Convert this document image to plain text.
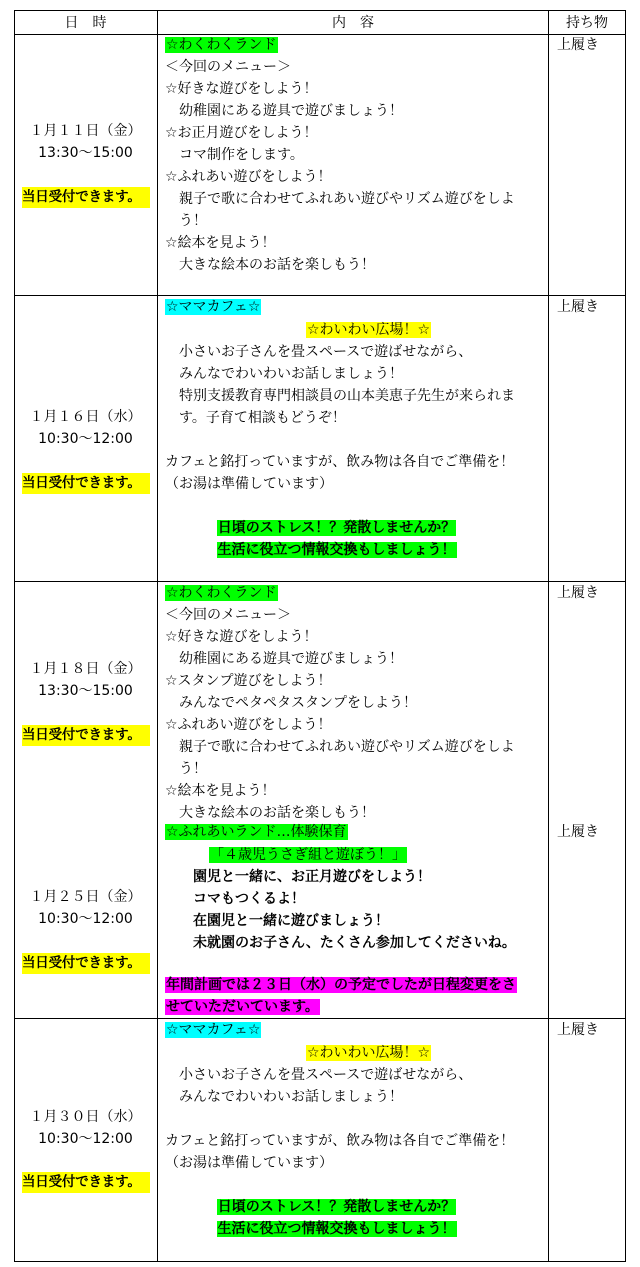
日　時	内　容	持ち物
１月１１日（金）
13:30～15:00
当日受付できます。
上履き
☆わくわくランド
＜今回のメニュー＞
☆好きな遊びをしよう！
　幼稚園にある遊具で遊びましょう！
☆お正月遊びをしよう！
　コマ制作をします。
☆ふれあい遊びをしよう！
　親子で歌に合わせてふれあい遊びやリズム遊びをしよ
　う！
☆絵本を見よう！
　大きな絵本のお話を楽しもう！
１月１６日（水）
10:30～12:00
当日受付できます。
上履き
☆ママカフェ☆
☆わいわい広場！☆
　小さいお子さんを畳スペースで遊ばせながら、
　みんなでわいわいお話しましょう！
　特別支援教育専門相談員の山本美恵子先生が来られま
　す。子育て相談もどうぞ！
カフェと銘打っていますが、飲み物は各自でご準備を！
（お湯は準備しています）
日頃のストレス！？発散しませんか？
生活に役立つ情報交換もしましょう！
１月１８日（金）
13:30～15:00
当日受付できます。
上履き
☆わくわくランド
＜今回のメニュー＞
☆好きな遊びをしよう！
　幼稚園にある遊具で遊びましょう！
☆スタンプ遊びをしよう！
　みんなでペタペタスタンプをしよう！
☆ふれあい遊びをしよう！
　親子で歌に合わせてふれあい遊びやリズム遊びをしよ
　う！
☆絵本を見よう！
　大きな絵本のお話を楽しもう！
１月２５日（金）
10:30～12:00
当日受付できます。
上履き
☆ふれあいランド…体験保育
「４歳児うさぎ組と遊ぼう！」
園児と一緒に、お正月遊びをしよう！
コマもつくるよ！
在園児と一緒に遊びましょう！
未就園のお子さん、たくさん参加してくださいね。
年間計画では２３日（水）の予定でしたが日程変更をさ
せていただいています。
１月３０日（水）
10:30～12:00
当日受付できます。
上履き
☆ママカフェ☆
☆わいわい広場！☆
　小さいお子さんを畳スペースで遊ばせながら、
　みんなでわいわいお話しましょう！
カフェと銘打っていますが、飲み物は各自でご準備を！
（お湯は準備しています）
日頃のストレス！？発散しませんか？
生活に役立つ情報交換もしましょう！
